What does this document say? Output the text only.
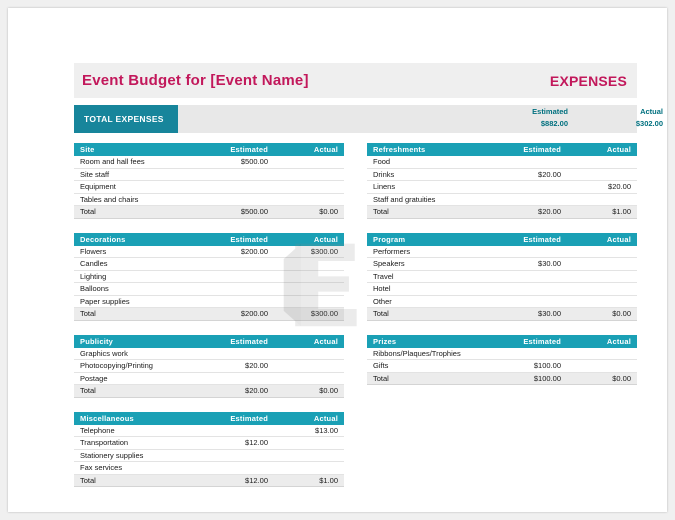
Event Budget for [Event Name]	EXPENSES
TOTAL EXPENSES
Estimated	Actual
$882.00	$302.00
Site	Estimated	Actual
Room and hall fees	$500.00	
Site staff		
Equipment		
Tables and chairs		
Total	$500.00	$0.00
Decorations	Estimated	Actual
Flowers	$200.00	$300.00
Candles		
Lighting		
Balloons		
Paper supplies		
Total	$200.00	$300.00
Publicity	Estimated	Actual
Graphics work		
Photocopying/Printing	$20.00	
Postage		
Total	$20.00	$0.00
Miscellaneous	Estimated	Actual
Telephone		$13.00
Transportation	$12.00	
Stationery supplies		
Fax services		
Total	$12.00	$1.00
Refreshments	Estimated	Actual
Food		
Drinks	$20.00	
Linens		$20.00
Staff and gratuities		
Total	$20.00	$1.00
Program	Estimated	Actual
Performers		
Speakers	$30.00	
Travel		
Hotel		
Other		
Total	$30.00	$0.00
Prizes	Estimated	Actual
Ribbons/Plaques/Trophies		
Gifts	$100.00	
Total	$100.00	$0.00
